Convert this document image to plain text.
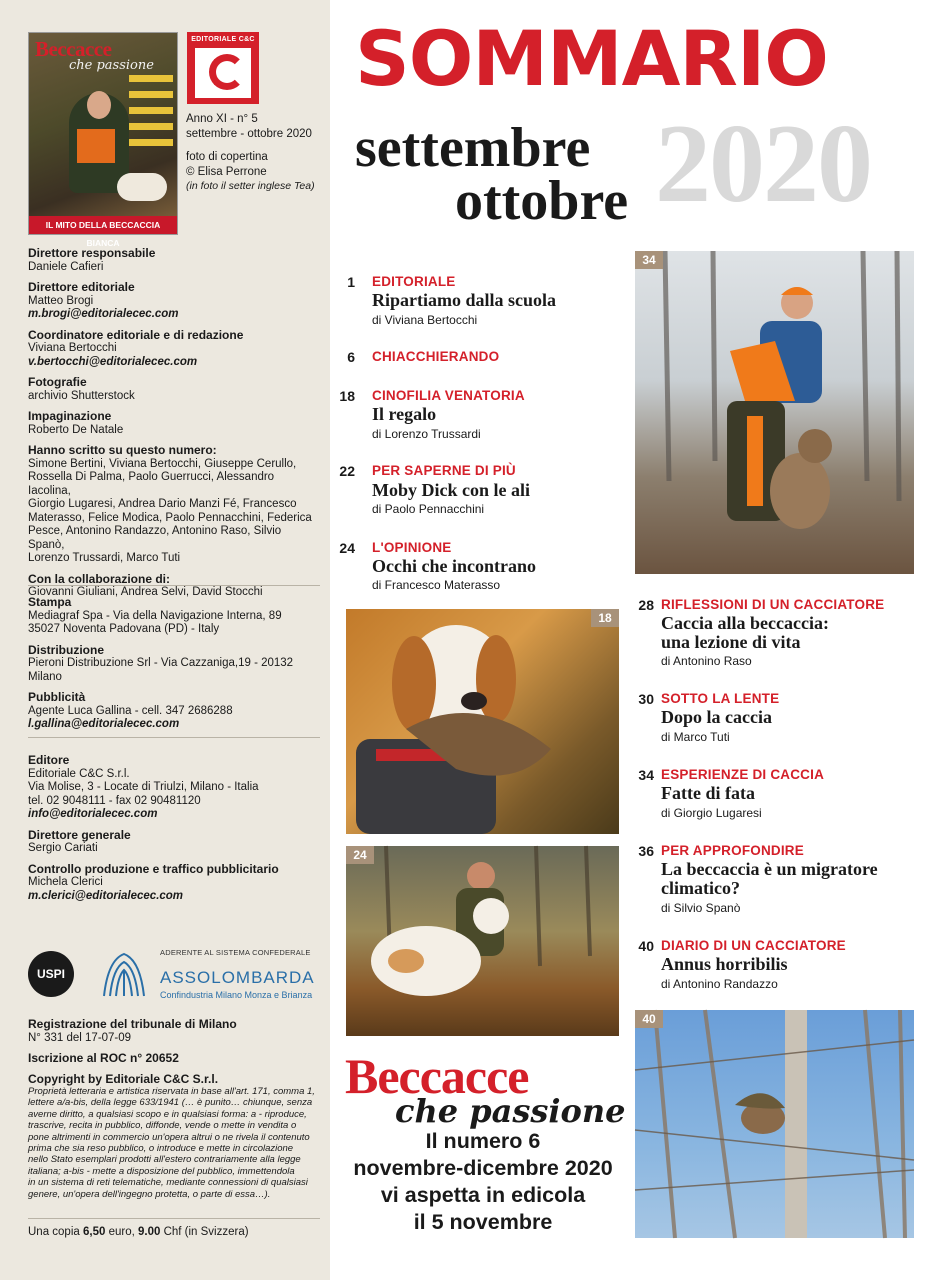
Beccacce
che passione
IL MITO DELLA BECCACCIA BIANCA
EDITORIALE C&C
Anno XI - n° 5
settembre - ottobre 2020
foto di copertina
© Elisa Perrone
(in foto il setter inglese Tea)
Direttore responsabile
Daniele Cafieri
Direttore editoriale
Matteo Brogi
m.brogi@editorialecec.com
Coordinatore editoriale e di redazione
Viviana Bertocchi
v.bertocchi@editorialecec.com
Fotografie
archivio Shutterstock
Impaginazione
Roberto De Natale
Hanno scritto su questo numero:
Simone Bertini, Viviana Bertocchi, Giuseppe Cerullo,
Rossella Di Palma, Paolo Guerrucci, Alessandro Iacolina,
Giorgio Lugaresi, Andrea Dario Manzi Fé, Francesco
Materasso, Felice Modica, Paolo Pennacchini, Federica
Pesce, Antonino Randazzo, Antonino Raso, Silvio Spanò,
Lorenzo Trussardi, Marco Tuti
Con la collaborazione di:
Giovanni Giuliani, Andrea Selvi, David Stocchi
Stampa
Mediagraf Spa - Via della Navigazione Interna, 89
35027 Noventa Padovana (PD) - Italy
Distribuzione
Pieroni Distribuzione Srl - Via Cazzaniga,19 - 20132 Milano
Pubblicità
Agente Luca Gallina - cell. 347 2686288
l.gallina@editorialecec.com
Editore
Editoriale C&C S.r.l.
Via Molise, 3 - Locate di Triulzi, Milano - Italia
tel. 02 9048111 - fax 02 90481120
info@editorialecec.com
Direttore generale
Sergio Cariati
Controllo produzione e traffico pubblicitario
Michela Clerici
m.clerici@editorialecec.com
USPI
ADERENTE AL SISTEMA CONFEDERALE
ASSOLOMBARDA
Confindustria Milano Monza e Brianza
Registrazione del tribunale di Milano
N° 331 del 17-07-09
Iscrizione al ROC n° 20652
Copyright by Editoriale C&C S.r.l.
Proprietà letteraria e artistica riservata in base all'art. 171, comma 1,
lettere a/a-bis, della legge 633/1941 (… è punito… chiunque, senza
averne diritto, a qualsiasi scopo e in qualsiasi forma: a - riproduce,
trascrive, recita in pubblico, diffonde, vende o mette in vendita o
pone altrimenti in commercio un'opera altrui o ne rivela il contenuto
prima che sia reso pubblico, o introduce e mette in circolazione
nello Stato esemplari prodotti all'estero contrariamente alla legge
italiana; a-bis - mette a disposizione del pubblico, immettendola
in un sistema di reti telematiche, mediante connessioni di qualsiasi
genere, un'opera dell'ingegno protetta, o parte di essa…).
Una copia 6,50 euro, 9.00 Chf (in Svizzera)
SOMMARIO
settembre
ottobre 2020
1 EDITORIALE
Ripartiamo dalla scuola
di Viviana Bertocchi
6 CHIACCHIERANDO
18 CINOFILIA VENATORIA
Il regalo
di Lorenzo Trussardi
22 PER SAPERNE DI PIÙ
Moby Dick con le ali
di Paolo Pennacchini
24 L'OPINIONE
Occhi che incontrano
di Francesco Materasso
28 RIFLESSIONI DI UN CACCIATORE
Caccia alla beccaccia:
una lezione di vita
di Antonino Raso
30 SOTTO LA LENTE
Dopo la caccia
di Marco Tuti
34 ESPERIENZE DI CACCIA
Fatte di fata
di Giorgio Lugaresi
36 PER APPROFONDIRE
La beccaccia è un migratore
climatico?
di Silvio Spanò
40 DIARIO DI UN CACCIATORE
Annus horribilis
di Antonino Randazzo
34
18
24
40
Beccacce
che passione
Il numero 6
novembre-dicembre 2020
vi aspetta in edicola
il 5 novembre
